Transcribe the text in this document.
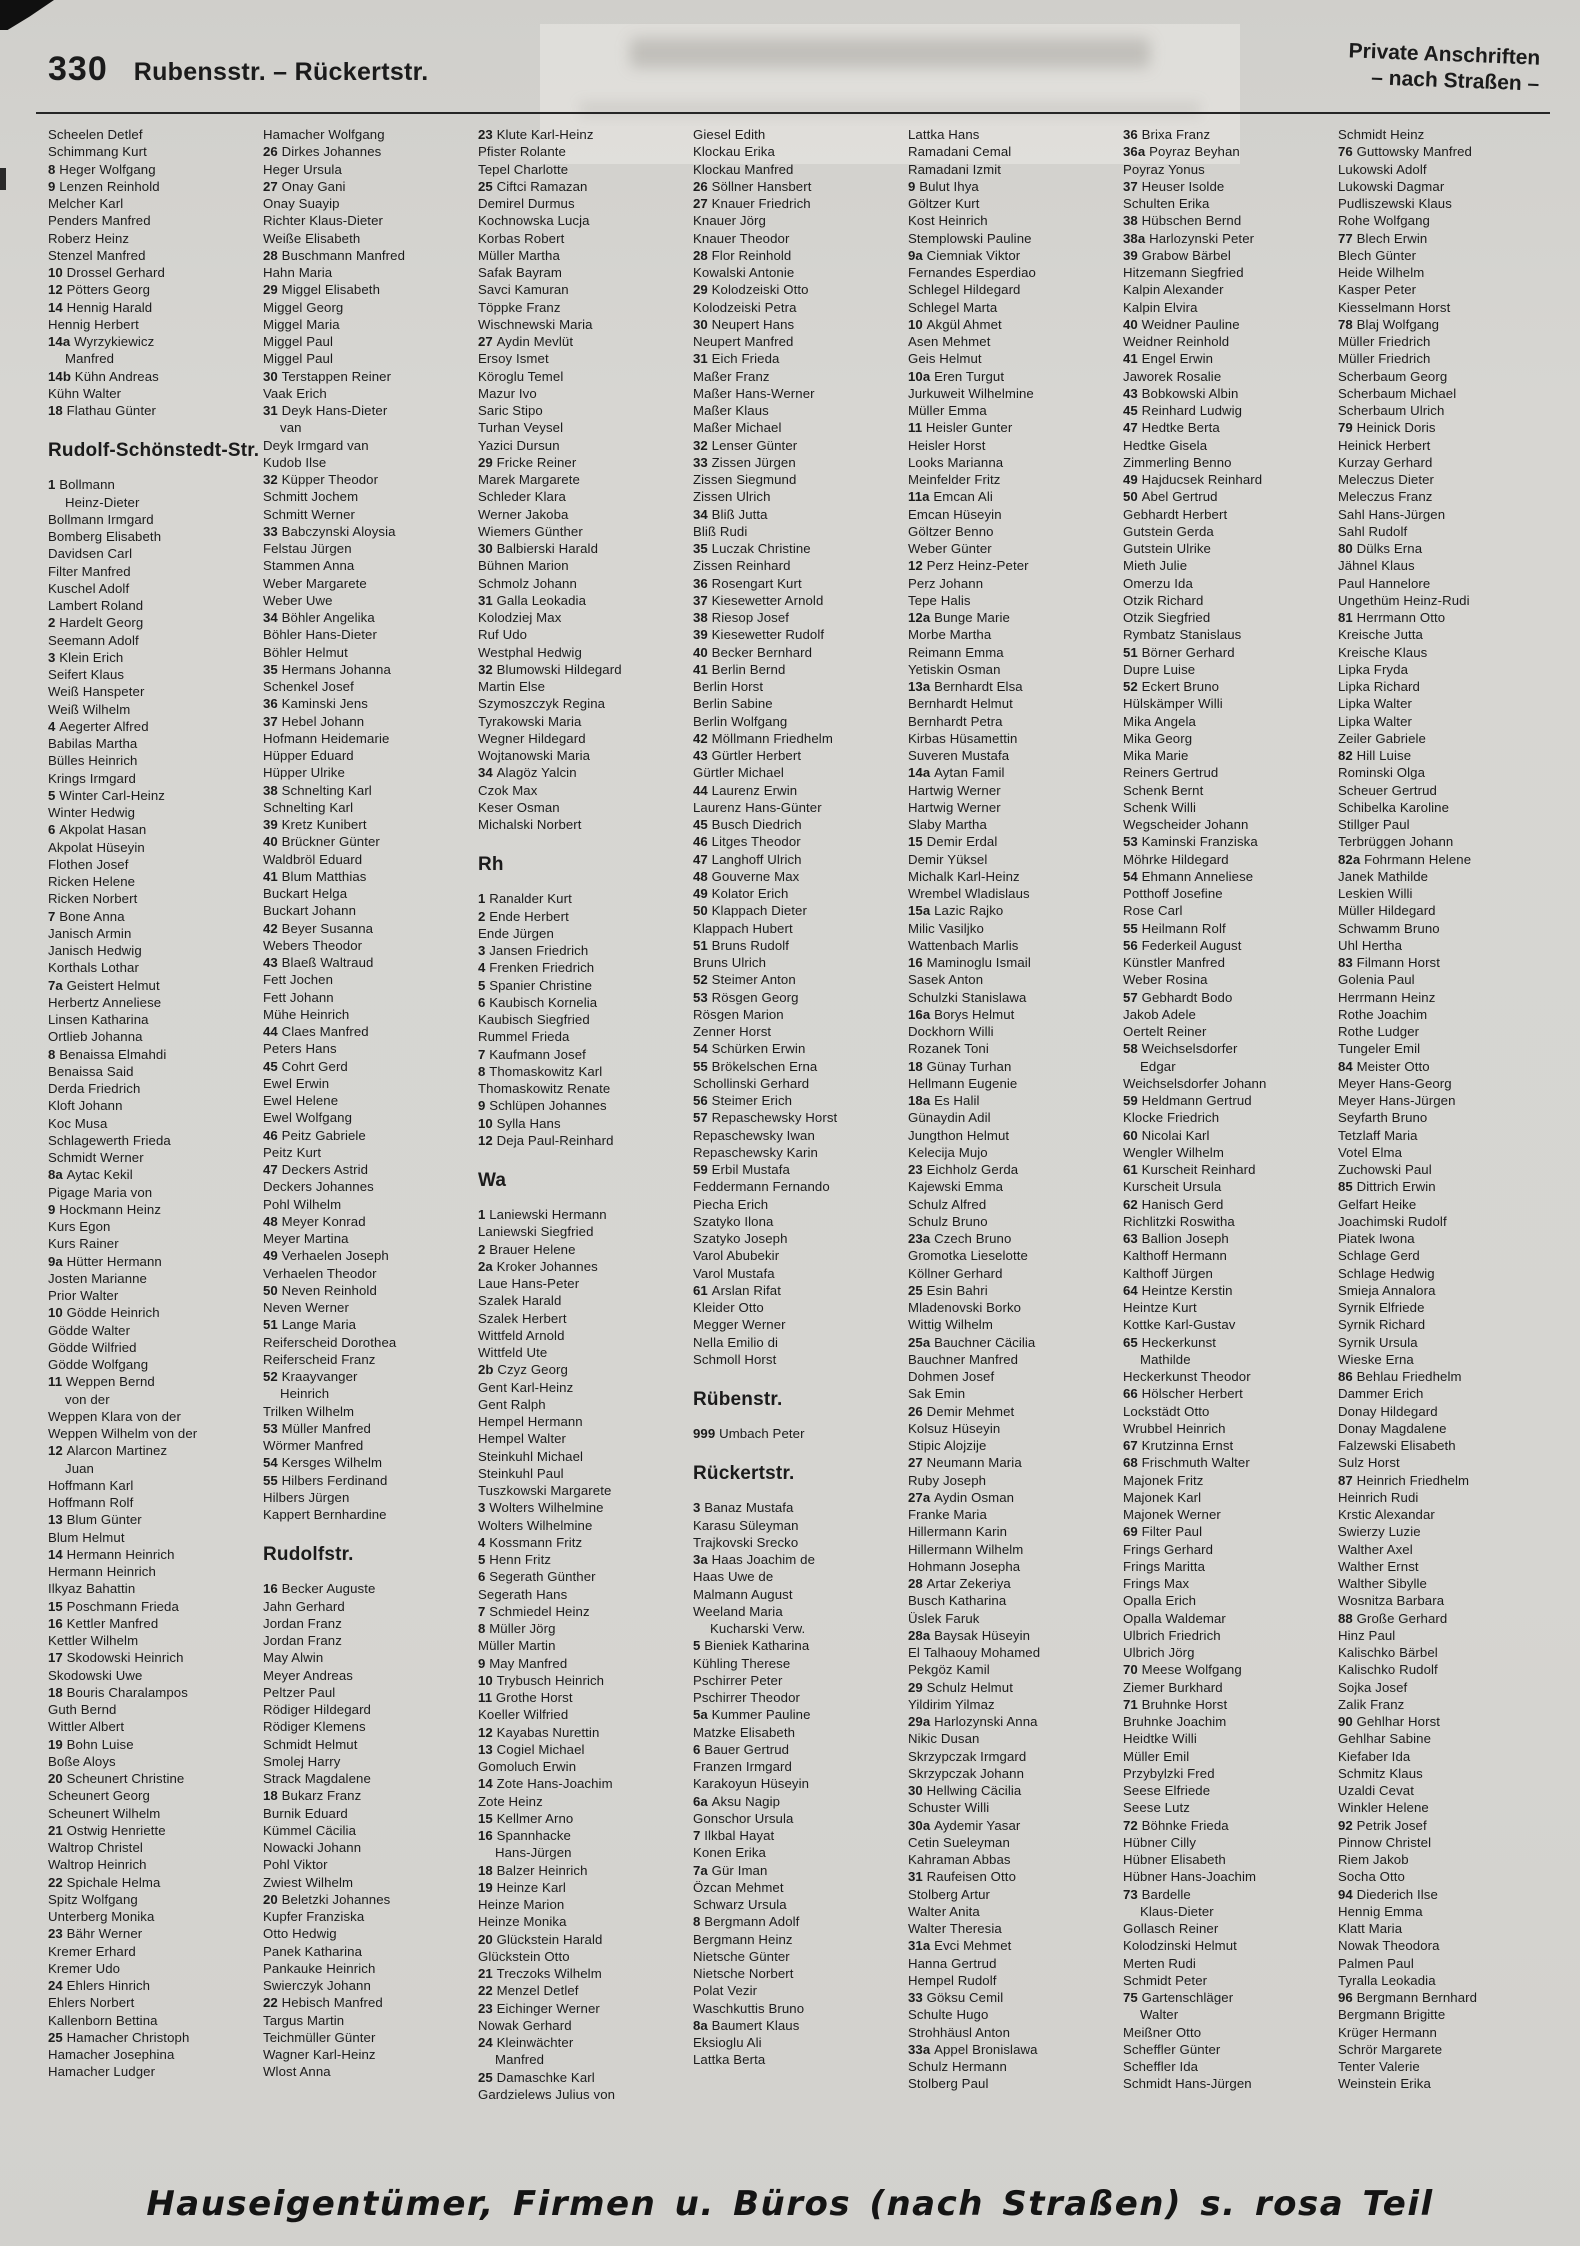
330 Rubensstr. – Rückertstr.
Private Anschriften
– nach Straßen –
Scheelen Detlef
Schimmang Kurt
8 Heger Wolfgang
9 Lenzen Reinhold
Melcher Karl
Penders Manfred
Roberz Heinz
Stenzel Manfred
10 Drossel Gerhard
12 Pötters Georg
14 Hennig Harald
Hennig Herbert
14a Wyrzykiewicz
Manfred
14b Kühn Andreas
Kühn Walter
18 Flathau Günter
Rudolf-Schönstedt-Str.
1 Bollmann
Heinz-Dieter
Bollmann Irmgard
Bomberg Elisabeth
Davidsen Carl
Filter Manfred
Kuschel Adolf
Lambert Roland
2 Hardelt Georg
Seemann Adolf
3 Klein Erich
Seifert Klaus
Weiß Hanspeter
Weiß Wilhelm
4 Aegerter Alfred
Babilas Martha
Bülles Heinrich
Krings Irmgard
5 Winter Carl-Heinz
Winter Hedwig
6 Akpolat Hasan
Akpolat Hüseyin
Flothen Josef
Ricken Helene
Ricken Norbert
7 Bone Anna
Janisch Armin
Janisch Hedwig
Korthals Lothar
7a Geistert Helmut
Herbertz Anneliese
Linsen Katharina
Ortlieb Johanna
8 Benaissa Elmahdi
Benaissa Said
Derda Friedrich
Kloft Johann
Koc Musa
Schlagewerth Frieda
Schmidt Werner
8a Aytac Kekil
Pigage Maria von
9 Hockmann Heinz
Kurs Egon
Kurs Rainer
9a Hütter Hermann
Josten Marianne
Prior Walter
10 Gödde Heinrich
Gödde Walter
Gödde Wilfried
Gödde Wolfgang
11 Weppen Bernd
von der
Weppen Klara von der
Weppen Wilhelm von der
12 Alarcon Martinez
Juan
Hoffmann Karl
Hoffmann Rolf
13 Blum Günter
Blum Helmut
14 Hermann Heinrich
Hermann Heinrich
Ilkyaz Bahattin
15 Poschmann Frieda
16 Kettler Manfred
Kettler Wilhelm
17 Skodowski Heinrich
Skodowski Uwe
18 Bouris Charalampos
Guth Bernd
Wittler Albert
19 Bohn Luise
Boße Aloys
20 Scheunert Christine
Scheunert Georg
Scheunert Wilhelm
21 Ostwig Henriette
Waltrop Christel
Waltrop Heinrich
22 Spichale Helma
Spitz Wolfgang
Unterberg Monika
23 Bähr Werner
Kremer Erhard
Kremer Udo
24 Ehlers Hinrich
Ehlers Norbert
Kallenborn Bettina
25 Hamacher Christoph
Hamacher Josephina
Hamacher Ludger
Hamacher Wolfgang
26 Dirkes Johannes
Heger Ursula
27 Onay Gani
Onay Suayip
Richter Klaus-Dieter
Weiße Elisabeth
28 Buschmann Manfred
Hahn Maria
29 Miggel Elisabeth
Miggel Georg
Miggel Maria
Miggel Paul
Miggel Paul
30 Terstappen Reiner
Vaak Erich
31 Deyk Hans-Dieter
van
Deyk Irmgard van
Kudob Ilse
32 Küpper Theodor
Schmitt Jochem
Schmitt Werner
33 Babczynski Aloysia
Felstau Jürgen
Stammen Anna
Weber Margarete
Weber Uwe
34 Böhler Angelika
Böhler Hans-Dieter
Böhler Helmut
35 Hermans Johanna
Schenkel Josef
36 Kaminski Jens
37 Hebel Johann
Hofmann Heidemarie
Hüpper Eduard
Hüpper Ulrike
38 Schnelting Karl
Schnelting Karl
39 Kretz Kunibert
40 Brückner Günter
Waldbröl Eduard
41 Blum Matthias
Buckart Helga
Buckart Johann
42 Beyer Susanna
Webers Theodor
43 Blaeß Waltraud
Fett Jochen
Fett Johann
Mühe Heinrich
44 Claes Manfred
Peters Hans
45 Cohrt Gerd
Ewel Erwin
Ewel Helene
Ewel Wolfgang
46 Peitz Gabriele
Peitz Kurt
47 Deckers Astrid
Deckers Johannes
Pohl Wilhelm
48 Meyer Konrad
Meyer Martina
49 Verhaelen Joseph
Verhaelen Theodor
50 Neven Reinhold
Neven Werner
51 Lange Maria
Reiferscheid Dorothea
Reiferscheid Franz
52 Kraayvanger
Heinrich
Trilken Wilhelm
53 Müller Manfred
Wörmer Manfred
54 Kersges Wilhelm
55 Hilbers Ferdinand
Hilbers Jürgen
Kappert Bernhardine
Rudolfstr.
16 Becker Auguste
Jahn Gerhard
Jordan Franz
Jordan Franz
May Alwin
Meyer Andreas
Peltzer Paul
Rödiger Hildegard
Rödiger Klemens
Schmidt Helmut
Smolej Harry
Strack Magdalene
18 Bukarz Franz
Burnik Eduard
Kümmel Cäcilia
Nowacki Johann
Pohl Viktor
Zwiest Wilhelm
20 Beletzki Johannes
Kupfer Franziska
Otto Hedwig
Panek Katharina
Pankauke Heinrich
Swierczyk Johann
22 Hebisch Manfred
Targus Martin
Teichmüller Günter
Wagner Karl-Heinz
Wlost Anna
23 Klute Karl-Heinz
Pfister Rolante
Tepel Charlotte
25 Ciftci Ramazan
Demirel Durmus
Kochnowska Lucja
Korbas Robert
Müller Martha
Safak Bayram
Savci Kamuran
Töppke Franz
Wischnewski Maria
27 Aydin Mevlüt
Ersoy Ismet
Köroglu Temel
Mazur Ivo
Saric Stipo
Turhan Veysel
Yazici Dursun
29 Fricke Reiner
Marek Margarete
Schleder Klara
Werner Jakoba
Wiemers Günther
30 Balbierski Harald
Bühnen Marion
Schmolz Johann
31 Galla Leokadia
Kolodziej Max
Ruf Udo
Westphal Hedwig
32 Blumowski Hildegard
Martin Else
Szymoszczyk Regina
Tyrakowski Maria
Wegner Hildegard
Wojtanowski Maria
34 Alagöz Yalcin
Czok Max
Keser Osman
Michalski Norbert
Rh
1 Ranalder Kurt
2 Ende Herbert
Ende Jürgen
3 Jansen Friedrich
4 Frenken Friedrich
5 Spanier Christine
6 Kaubisch Kornelia
Kaubisch Siegfried
Rummel Frieda
7 Kaufmann Josef
8 Thomaskowitz Karl
Thomaskowitz Renate
9 Schlüpen Johannes
10 Sylla Hans
12 Deja Paul-Reinhard
Wa
1 Laniewski Hermann
Laniewski Siegfried
2 Brauer Helene
2a Kroker Johannes
Laue Hans-Peter
Szalek Harald
Szalek Herbert
Wittfeld Arnold
Wittfeld Ute
2b Czyz Georg
Gent Karl-Heinz
Gent Ralph
Hempel Hermann
Hempel Walter
Steinkuhl Michael
Steinkuhl Paul
Tuszkowski Margarete
3 Wolters Wilhelmine
Wolters Wilhelmine
4 Kossmann Fritz
5 Henn Fritz
6 Segerath Günther
Segerath Hans
7 Schmiedel Heinz
8 Müller Jörg
Müller Martin
9 May Manfred
10 Trybusch Heinrich
11 Grothe Horst
Koeller Wilfried
12 Kayabas Nurettin
13 Cogiel Michael
Gomoluch Erwin
14 Zote Hans-Joachim
Zote Heinz
15 Kellmer Arno
16 Spannhacke
Hans-Jürgen
18 Balzer Heinrich
19 Heinze Karl
Heinze Marion
Heinze Monika
20 Glückstein Harald
Glückstein Otto
21 Treczoks Wilhelm
22 Menzel Detlef
23 Eichinger Werner
Nowak Gerhard
24 Kleinwächter
Manfred
25 Damaschke Karl
Gardzielews Julius von
Giesel Edith
Klockau Erika
Klockau Manfred
26 Söllner Hansbert
27 Knauer Friedrich
Knauer Jörg
Knauer Theodor
28 Flor Reinhold
Kowalski Antonie
29 Kolodzeiski Otto
Kolodzeiski Petra
30 Neupert Hans
Neupert Manfred
31 Eich Frieda
Maßer Franz
Maßer Hans-Werner
Maßer Klaus
Maßer Michael
32 Lenser Günter
33 Zissen Jürgen
Zissen Siegmund
Zissen Ulrich
34 Bliß Jutta
Bliß Rudi
35 Luczak Christine
Zissen Reinhard
36 Rosengart Kurt
37 Kiesewetter Arnold
38 Riesop Josef
39 Kiesewetter Rudolf
40 Becker Bernhard
41 Berlin Bernd
Berlin Horst
Berlin Sabine
Berlin Wolfgang
42 Möllmann Friedhelm
43 Gürtler Herbert
Gürtler Michael
44 Laurenz Erwin
Laurenz Hans-Günter
45 Busch Diedrich
46 Litges Theodor
47 Langhoff Ulrich
48 Gouverne Max
49 Kolator Erich
50 Klappach Dieter
Klappach Hubert
51 Bruns Rudolf
Bruns Ulrich
52 Steimer Anton
53 Rösgen Georg
Rösgen Marion
Zenner Horst
54 Schürken Erwin
55 Brökelschen Erna
Schollinski Gerhard
56 Steimer Erich
57 Repaschewsky Horst
Repaschewsky Iwan
Repaschewsky Karin
59 Erbil Mustafa
Feddermann Fernando
Piecha Erich
Szatyko Ilona
Szatyko Joseph
Varol Abubekir
Varol Mustafa
61 Arslan Rifat
Kleider Otto
Megger Werner
Nella Emilio di
Schmoll Horst
Rübenstr.
999 Umbach Peter
Rückertstr.
3 Banaz Mustafa
Karasu Süleyman
Trajkovski Srecko
3a Haas Joachim de
Haas Uwe de
Malmann August
Weeland Maria
Kucharski Verw.
5 Bieniek Katharina
Kühling Therese
Pschirrer Peter
Pschirrer Theodor
5a Kummer Pauline
Matzke Elisabeth
6 Bauer Gertrud
Franzen Irmgard
Karakoyun Hüseyin
6a Aksu Nagip
Gonschor Ursula
7 Ilkbal Hayat
Konen Erika
7a Gür Iman
Özcan Mehmet
Schwarz Ursula
8 Bergmann Adolf
Bergmann Heinz
Nietsche Günter
Nietsche Norbert
Polat Vezir
Waschkuttis Bruno
8a Baumert Klaus
Eksioglu Ali
Lattka Berta
Lattka Hans
Ramadani Cemal
Ramadani Izmit
9 Bulut Ihya
Göltzer Kurt
Kost Heinrich
Stemplowski Pauline
9a Ciemniak Viktor
Fernandes Esperdiao
Schlegel Hildegard
Schlegel Marta
10 Akgül Ahmet
Asen Mehmet
Geis Helmut
10a Eren Turgut
Jurkuweit Wilhelmine
Müller Emma
11 Heisler Gunter
Heisler Horst
Looks Marianna
Meinfelder Fritz
11a Emcan Ali
Emcan Hüseyin
Göltzer Benno
Weber Günter
12 Perz Heinz-Peter
Perz Johann
Tepe Halis
12a Bunge Marie
Morbe Martha
Reimann Emma
Yetiskin Osman
13a Bernhardt Elsa
Bernhardt Helmut
Bernhardt Petra
Kirbas Hüsamettin
Suveren Mustafa
14a Aytan Famil
Hartwig Werner
Hartwig Werner
Slaby Martha
15 Demir Erdal
Demir Yüksel
Michalk Karl-Heinz
Wrembel Wladislaus
15a Lazic Rajko
Milic Vasiljko
Wattenbach Marlis
16 Maminoglu Ismail
Sasek Anton
Schulzki Stanislawa
16a Borys Helmut
Dockhorn Willi
Rozanek Toni
18 Günay Turhan
Hellmann Eugenie
18a Es Halil
Günaydin Adil
Jungthon Helmut
Kelecija Mujo
23 Eichholz Gerda
Kajewski Emma
Schulz Alfred
Schulz Bruno
23a Czech Bruno
Gromotka Lieselotte
Köllner Gerhard
25 Esin Bahri
Mladenovski Borko
Wittig Wilhelm
25a Bauchner Cäcilia
Bauchner Manfred
Dohmen Josef
Sak Emin
26 Demir Mehmet
Kolsuz Hüseyin
Stipic Alojzije
27 Neumann Maria
Ruby Joseph
27a Aydin Osman
Franke Maria
Hillermann Karin
Hillermann Wilhelm
Hohmann Josepha
28 Artar Zekeriya
Busch Katharina
Üslek Faruk
28a Baysak Hüseyin
El Talhaouy Mohamed
Pekgöz Kamil
29 Schulz Helmut
Yildirim Yilmaz
29a Harlozynski Anna
Nikic Dusan
Skrzypczak Irmgard
Skrzypczak Johann
30 Hellwing Cäcilia
Schuster Willi
30a Aydemir Yasar
Cetin Sueleyman
Kahraman Abbas
31 Raufeisen Otto
Stolberg Artur
Walter Anita
Walter Theresia
31a Evci Mehmet
Hanna Gertrud
Hempel Rudolf
33 Göksu Cemil
Schulte Hugo
Strohhäusl Anton
33a Appel Bronislawa
Schulz Hermann
Stolberg Paul
36 Brixa Franz
36a Poyraz Beyhan
Poyraz Yonus
37 Heuser Isolde
Schulten Erika
38 Hübschen Bernd
38a Harlozynski Peter
39 Grabow Bärbel
Hitzemann Siegfried
Kalpin Alexander
Kalpin Elvira
40 Weidner Pauline
Weidner Reinhold
41 Engel Erwin
Jaworek Rosalie
43 Bobkowski Albin
45 Reinhard Ludwig
47 Hedtke Berta
Hedtke Gisela
Zimmerling Benno
49 Hajducsek Reinhard
50 Abel Gertrud
Gebhardt Herbert
Gutstein Gerda
Gutstein Ulrike
Mieth Julie
Omerzu Ida
Otzik Richard
Otzik Siegfried
Rymbatz Stanislaus
51 Börner Gerhard
Dupre Luise
52 Eckert Bruno
Hülskämper Willi
Mika Angela
Mika Georg
Mika Marie
Reiners Gertrud
Schenk Bernt
Schenk Willi
Wegscheider Johann
53 Kaminski Franziska
Möhrke Hildegard
54 Ehmann Anneliese
Potthoff Josefine
Rose Carl
55 Heilmann Rolf
56 Federkeil August
Künstler Manfred
Weber Rosina
57 Gebhardt Bodo
Jakob Adele
Oertelt Reiner
58 Weichselsdorfer
Edgar
Weichselsdorfer Johann
59 Heldmann Gertrud
Klocke Friedrich
60 Nicolai Karl
Wengler Wilhelm
61 Kurscheit Reinhard
Kurscheit Ursula
62 Hanisch Gerd
Richlitzki Roswitha
63 Ballion Joseph
Kalthoff Hermann
Kalthoff Jürgen
64 Heintze Kerstin
Heintze Kurt
Kottke Karl-Gustav
65 Heckerkunst
Mathilde
Heckerkunst Theodor
66 Hölscher Herbert
Lockstädt Otto
Wrubbel Heinrich
67 Krutzinna Ernst
68 Frischmuth Walter
Majonek Fritz
Majonek Karl
Majonek Werner
69 Filter Paul
Frings Gerhard
Frings Maritta
Frings Max
Opalla Erich
Opalla Waldemar
Ulbrich Friedrich
Ulbrich Jörg
70 Meese Wolfgang
Ziemer Burkhard
71 Bruhnke Horst
Bruhnke Joachim
Heidtke Willi
Müller Emil
Przybylzki Fred
Seese Elfriede
Seese Lutz
72 Böhnke Frieda
Hübner Cilly
Hübner Elisabeth
Hübner Hans-Joachim
73 Bardelle
Klaus-Dieter
Gollasch Reiner
Kolodzinski Helmut
Merten Rudi
Schmidt Peter
75 Gartenschläger
Walter
Meißner Otto
Scheffler Günter
Scheffler Ida
Schmidt Hans-Jürgen
Schmidt Heinz
76 Guttowsky Manfred
Lukowski Adolf
Lukowski Dagmar
Pudliszewski Klaus
Rohe Wolfgang
77 Blech Erwin
Blech Günter
Heide Wilhelm
Kasper Peter
Kiesselmann Horst
78 Blaj Wolfgang
Müller Friedrich
Müller Friedrich
Scherbaum Georg
Scherbaum Michael
Scherbaum Ulrich
79 Heinick Doris
Heinick Herbert
Kurzay Gerhard
Meleczus Dieter
Meleczus Franz
Sahl Hans-Jürgen
Sahl Rudolf
80 Dülks Erna
Jähnel Klaus
Paul Hannelore
Ungethüm Heinz-Rudi
81 Herrmann Otto
Kreische Jutta
Kreische Klaus
Lipka Fryda
Lipka Richard
Lipka Walter
Lipka Walter
Zeiler Gabriele
82 Hill Luise
Rominski Olga
Scheuer Gertrud
Schibelka Karoline
Stillger Paul
Terbrüggen Johann
82a Fohrmann Helene
Janek Mathilde
Leskien Willi
Müller Hildegard
Schwamm Bruno
Uhl Hertha
83 Filmann Horst
Golenia Paul
Herrmann Heinz
Rothe Joachim
Rothe Ludger
Tungeler Emil
84 Meister Otto
Meyer Hans-Georg
Meyer Hans-Jürgen
Seyfarth Bruno
Tetzlaff Maria
Votel Elma
Zuchowski Paul
85 Dittrich Erwin
Gelfart Heike
Joachimski Rudolf
Piatek Iwona
Schlage Gerd
Schlage Hedwig
Smieja Annalora
Syrnik Elfriede
Syrnik Richard
Syrnik Ursula
Wieske Erna
86 Behlau Friedhelm
Dammer Erich
Donay Hildegard
Donay Magdalene
Falzewski Elisabeth
Sulz Horst
87 Heinrich Friedhelm
Heinrich Rudi
Krstic Alexandar
Swierzy Luzie
Walther Axel
Walther Ernst
Walther Sibylle
Wosnitza Barbara
88 Große Gerhard
Hinz Paul
Kalischko Bärbel
Kalischko Rudolf
Sojka Josef
Zalik Franz
90 Gehlhar Horst
Gehlhar Sabine
Kiefaber Ida
Schmitz Klaus
Uzaldi Cevat
Winkler Helene
92 Petrik Josef
Pinnow Christel
Riem Jakob
Socha Otto
94 Diederich Ilse
Hennig Emma
Klatt Maria
Nowak Theodora
Palmen Paul
Tyralla Leokadia
96 Bergmann Bernhard
Bergmann Brigitte
Krüger Hermann
Schrör Margarete
Tenter Valerie
Weinstein Erika
Hauseigentümer, Firmen u. Büros (nach Straßen) s. rosa Teil
